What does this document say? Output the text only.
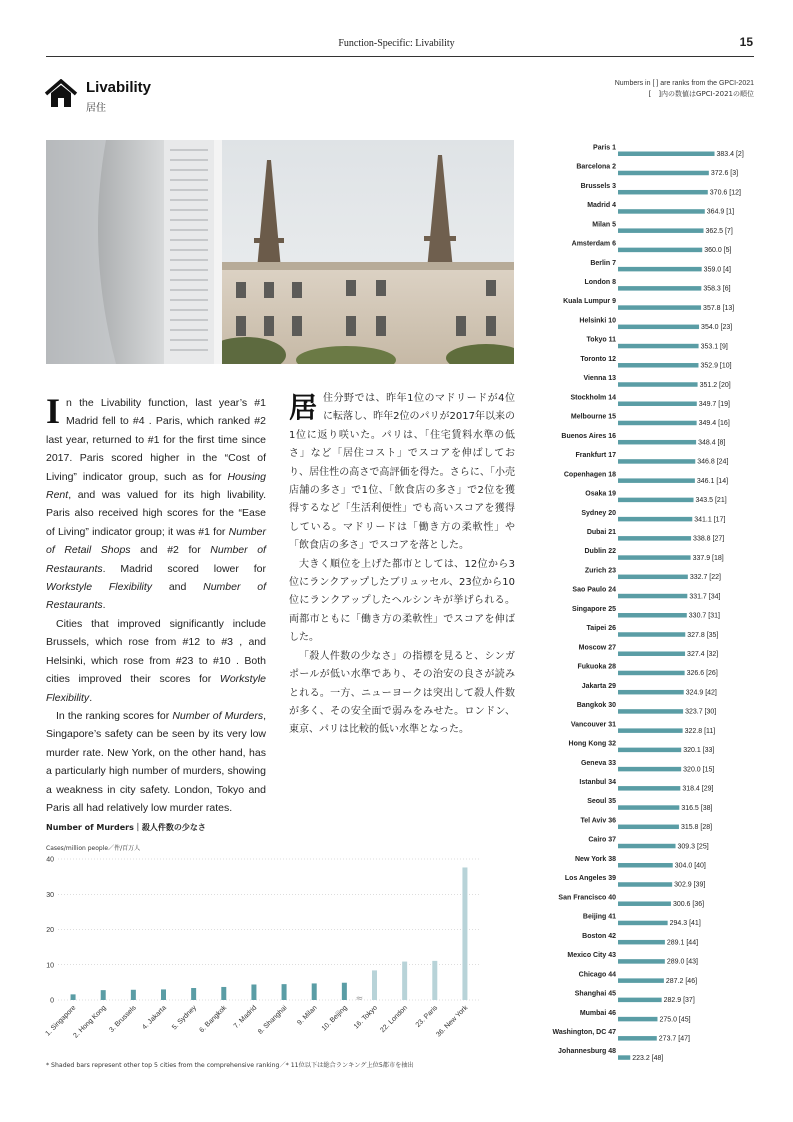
Function-Specific: Livability	15
Livability
居住
Numbers in [ ] are ranks from the GPCI-2021
[　]内の数値はGPCI-2021の順位

In the Livability function, last year’s #1 Madrid fell to #4 . Paris, which ranked #2 last year, returned to #1 for the first time since 2017. Paris scored higher in the “Cost of Living” indicator group, such as for Housing Rent, and was valued for its high livability. Paris also received high scores for the “Ease of Living” indicator group; it was #1 for Number of Retail Shops and #2 for Number of Restaurants. Madrid scored lower for Workstyle Flexibility and Number of Restaurants.

Cities that improved significantly include Brussels, which rose from #12 to #3 , and Helsinki, which rose from #23 to #10 . Both cities improved their scores for Workstyle Flexibility.

In the ranking scores for Number of Murders, Singapore’s safety can be seen by its very low murder rate. New York, on the other hand, has a particularly high number of murders, showing a weakness in city safety. London, Tokyo and Paris all had relatively low murder rates.

居住分野では、昨年1位のマドリードが4位に転落し、昨年2位のパリが2017年以来の1位に返り咲いた。パリは、「住宅賃料水準の低さ」など「居住コスト」でスコアを伸ばしており、居住性の高さで高評価を得た。さらに、「小売店舗の多さ」で1位、「飲食店の多さ」で2位を獲得するなど「生活利便性」でも高いスコアを獲得している。マドリードは「働き方の柔軟性」や「飲食店の多さ」でスコアを落とした。

大きく順位を上げた都市としては、12位から3位にランクアップしたブリュッセル、23位から10位にランクアップしたヘルシンキが挙げられる。両都市ともに「働き方の柔軟性」でスコアを伸ばした。

「殺人件数の少なさ」の指標を見ると、シンガポールが低い水準であり、その治安の良さが読みとれる。一方、ニューヨークは突出して殺人件数が多く、その安全面で弱みをみせた。ロンドン、東京、パリは比較的低い水準となった。

Number of Murders｜殺人件数の少なさ
Cases/million people／件/百万人
0
10
20
30
40
1. Singapore
2. Hong Kong 3. Brussels 4. Jakarta 5. Sydney 6. Bangkok 7. Madrid
8. Shanghai 9. Milan 10. Beijing 16. Tokyo 22. London 23. Paris
36. New York
≈
* Shaded bars represent other top 5 cities from the comprehensive ranking／* 11位以下は総合ランキング上位5都市を抽出
Paris 1
383.4 [2]
Barcelona 2
372.6 [3]
Brussels 3
370.6 [12]
Madrid 4
364.9 [1]
Milan 5
362.5 [7]
Amsterdam 6
360.0 [5]
Berlin 7
359.0 [4]
London 8
358.3 [6]
Kuala Lumpur 9
357.8 [13]
Helsinki 10
354.0 [23]
Tokyo 11
353.1 [9]
Toronto 12
352.9 [10]
Vienna 13
351.2 [20]
Stockholm 14
349.7 [19]
Melbourne 15
349.4 [16]
Buenos Aires 16
348.4 [8]
Frankfurt 17
346.8 [24]
Copenhagen 18
346.1 [14]
Osaka 19
343.5 [21]
Sydney 20
341.1 [17]
Dubai 21
338.8 [27]
Dublin 22
337.9 [18]
Zurich 23
332.7 [22]
Sao Paulo 24
331.7 [34]
Singapore 25
330.7 [31]
Taipei 26
327.8 [35]
Moscow 27
327.4 [32]
Fukuoka 28
326.6 [26]
Jakarta 29
324.9 [42]
Bangkok 30
323.7 [30]
Vancouver 31
322.8 [11]
Hong Kong 32
320.1 [33]
Geneva 33
320.0 [15]
Istanbul 34
318.4 [29]
Seoul 35
316.5 [38]
Tel Aviv 36
315.8 [28]
Cairo 37
309.3 [25]
New York 38
304.0 [40]
Los Angeles 39
302.9 [39]
San Francisco 40
300.6 [36]
Beijing 41
294.3 [41]
Boston 42
289.1 [44]
Mexico City 43
289.0 [43]
Chicago 44
287.2 [46]
Shanghai 45
282.9 [37]
Mumbai 46
275.0 [45]
Washington, DC 47
273.7 [47]
Johannesburg 48
223.2 [48]
